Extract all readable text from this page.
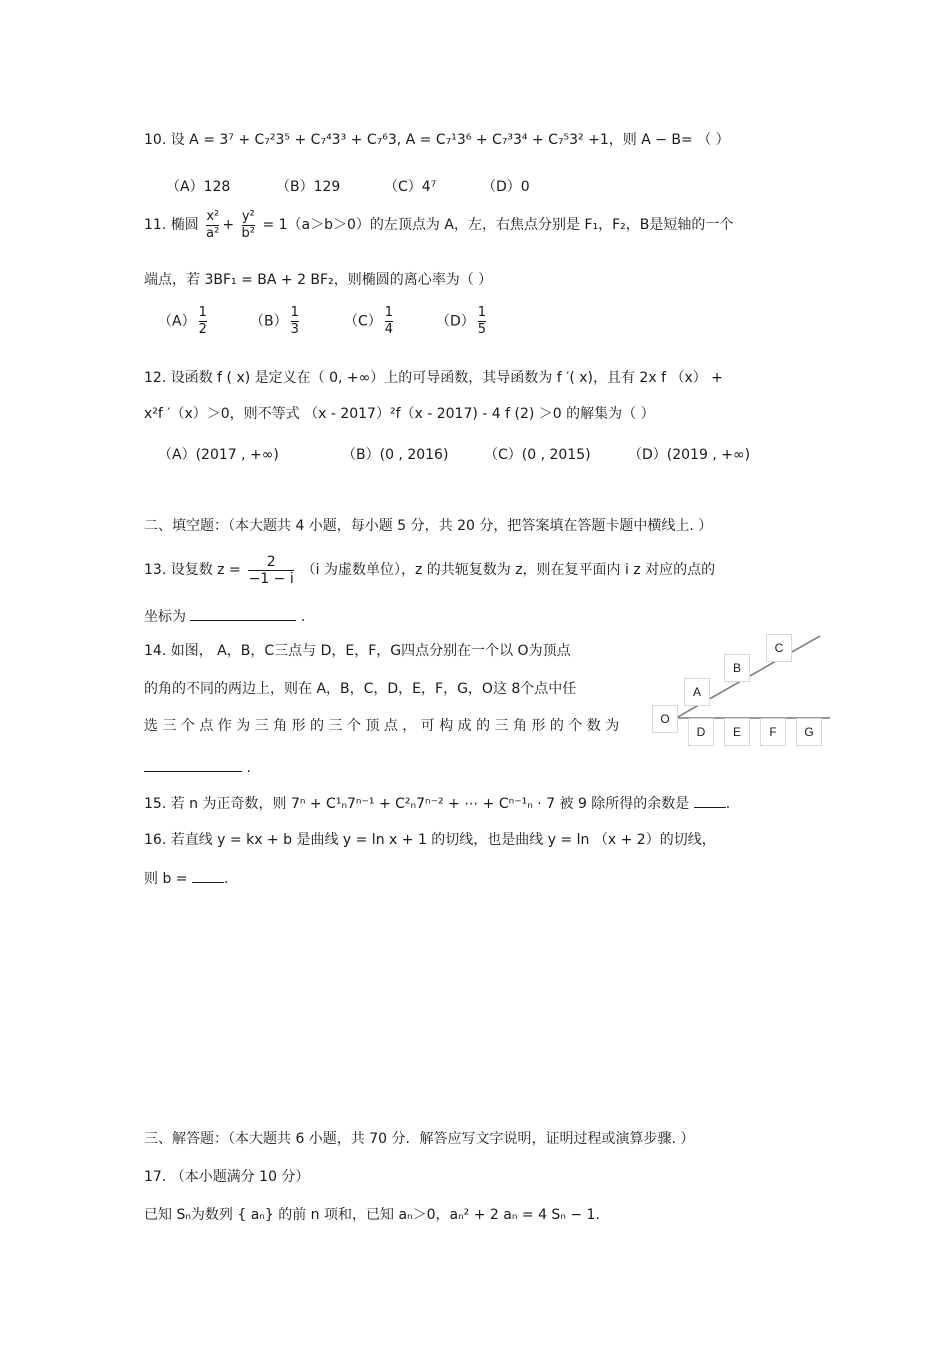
10. 设 A = 3⁷ + C₇²3⁵ + C₇⁴3³ + C₇⁶3, A = C₇¹3⁶ + C₇³3⁴ + C₇⁵3² +1，则 A − B= （ ）
（A）128	（B）129	（C）4⁷	（D）0
11. 椭圆 $\frac{\text{x²}}{\text{a²}} + \frac{\text{y²}}{\text{b²}} = 1(a>b>0)$的左顶点为 A，左，右焦点分别是 F₁，F₂，B是短轴的一个
端点，若 3BF₁ = BA + 2 BF₂，则椭圆的离心率为（ ）
$(A) \frac{1}{2}$	$(B) \frac{1}{3}$	$(C) \frac{1}{4}$	$(D) \frac{1}{5}$
12. 设函数 f ( x) 是定义在（ 0, +∞）上的可导函数，其导函数为 f ′( x)，且有 2x f （x） +
x²f ′（x）＞0，则不等式 （x - 2017）²f（x - 2017) - 4 f (2) ＞0 的解集为（ ）
（A）(2017 , +∞)	（B）(0 , 2016)	（C）(0 , 2015)	（D）(2019 , +∞)
二、填空题：（本大题共 4 小题，每小题 5 分，共 20 分，把答案填在答题卡题中横线上. ）
13. 设复数 $z = \frac{2}{-1 - i} (i$ 为虚数单位），z 的共轭复数为 z，则在复平面内 i z 对应的点的
坐标为	.
14. 如图， A，B，C三点与 D，E，F，G四点分别在一个以 O为顶点
的角的不同的两边上，则在 A，B，C，D，E，F，G，O这 8个点中任
选 三 个 点 作 为 三 角 形 的 三 个 顶 点 ， 可 构 成 的 三 角 形 的 个 数 为
.
O
A
B
C
D	E	F	G
15. 若 n 为正奇数，则 7ⁿ + C¹ₙ7ⁿ⁻¹ + C²ₙ7ⁿ⁻² + ⋯ + Cⁿ⁻¹ₙ · 7 被 9 除所得的余数是	.
16. 若直线 y = kx + b 是曲线 y = ln x + 1 的切线，也是曲线 y = ln （x + 2）的切线，
则 b =	.
三、解答题：（本大题共 6 小题，共 70 分．解答应写文字说明，证明过程或演算步骤. ）
17. （本小题满分 10 分）
已知 Sₙ为数列 { aₙ} 的前 n 项和，已知 aₙ＞0，aₙ² + 2 aₙ = 4 Sₙ − 1.
